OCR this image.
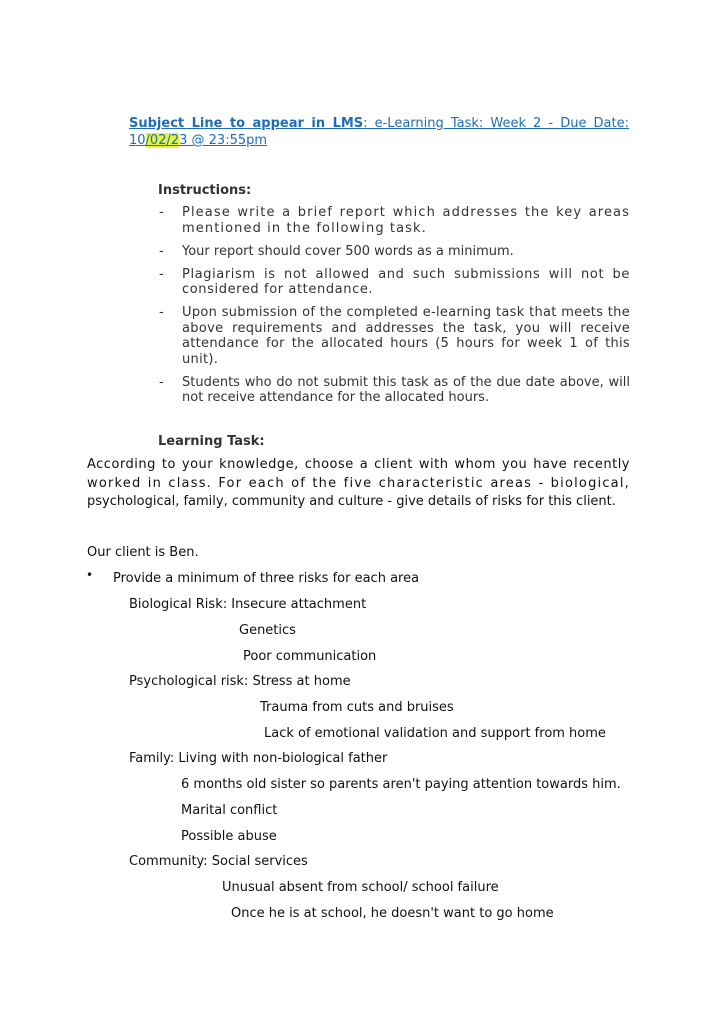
Subject Line to appear in LMS: e-Learning Task: Week 2 - Due Date: 10/02/23 @ 23:55pm
Instructions:
- Please write a brief report which addresses the key areas mentioned in the following task.
- Your report should cover 500 words as a minimum.
- Plagiarism is not allowed and such submissions will not be considered for attendance.
- Upon submission of the completed e-learning task that meets the above requirements and addresses the task, you will receive attendance for the allocated hours (5 hours for week 1 of this unit).
- Students who do not submit this task as of the due date above, will not receive attendance for the allocated hours.
Learning Task:
According to your knowledge, choose a client with whom you have recently
worked in class. For each of the five characteristic areas - biological,
psychological, family, community and culture - give details of risks for this client.
Our client is Ben.
• Provide a minimum of three risks for each area
Biological Risk: Insecure attachment
Genetics
Poor communication
Psychological risk: Stress at home
Trauma from cuts and bruises
Lack of emotional validation and support from home
Family: Living with non-biological father
6 months old sister so parents aren't paying attention towards him.
Marital conflict
Possible abuse
Community: Social services
Unusual absent from school/ school failure
Once he is at school, he doesn't want to go home
